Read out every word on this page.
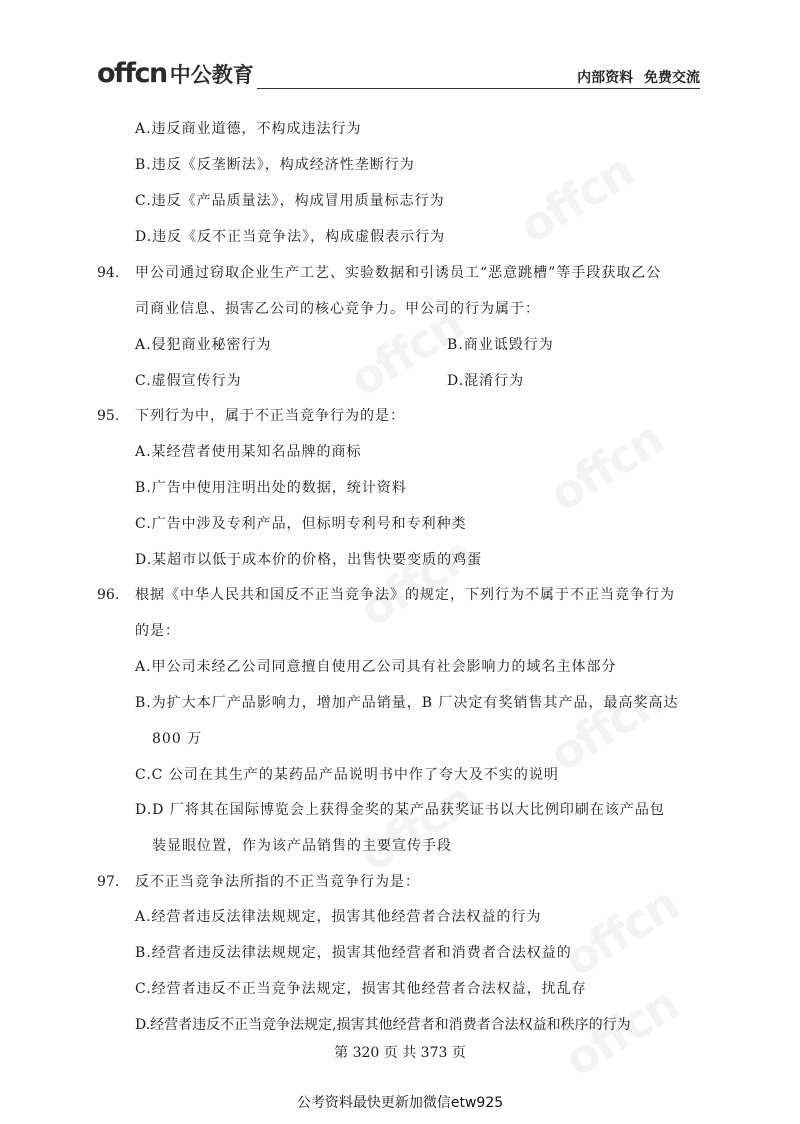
offcn 中公教育	内部资料 免费交流
A.违反商业道德，不构成违法行为
B.违反《反垄断法》，构成经济性垄断行为
C.违反《产品质量法》，构成冒用质量标志行为
D.违反《反不正当竞争法》，构成虚假表示行为
94. 甲公司通过窃取企业生产工艺、实验数据和引诱员工“恶意跳槽”等手段获取乙公
司商业信息、损害乙公司的核心竞争力。甲公司的行为属于：
A.侵犯商业秘密行为	B.商业诋毁行为
C.虚假宣传行为	D.混淆行为
95. 下列行为中，属于不正当竞争行为的是：
A.某经营者使用某知名品牌的商标
B.广告中使用注明出处的数据，统计资料
C.广告中涉及专利产品，但标明专利号和专利种类
D.某超市以低于成本价的价格，出售快要变质的鸡蛋
96. 根据《中华人民共和国反不正当竞争法》的规定，下列行为不属于不正当竞争行为
的是：
A.甲公司未经乙公司同意擅自使用乙公司具有社会影响力的域名主体部分
B.为扩大本厂产品影响力，增加产品销量，B 厂决定有奖销售其产品，最高奖高达
800 万
C.C 公司在其生产的某药品产品说明书中作了夸大及不实的说明
D.D 厂将其在国际博览会上获得金奖的某产品获奖证书以大比例印刷在该产品包
装显眼位置，作为该产品销售的主要宣传手段
97. 反不正当竞争法所指的不正当竞争行为是：
A.经营者违反法律法规规定，损害其他经营者合法权益的行为
B.经营者违反法律法规规定，损害其他经营者和消费者合法权益的
C.经营者违反不正当竞争法规定，损害其他经营者合法权益，扰乱存
D.经营者违反不正当竞争法规定,损害其他经营者和消费者合法权益和秩序的行为
第 320 页 共 373 页
公考资料最快更新加微信etw925
